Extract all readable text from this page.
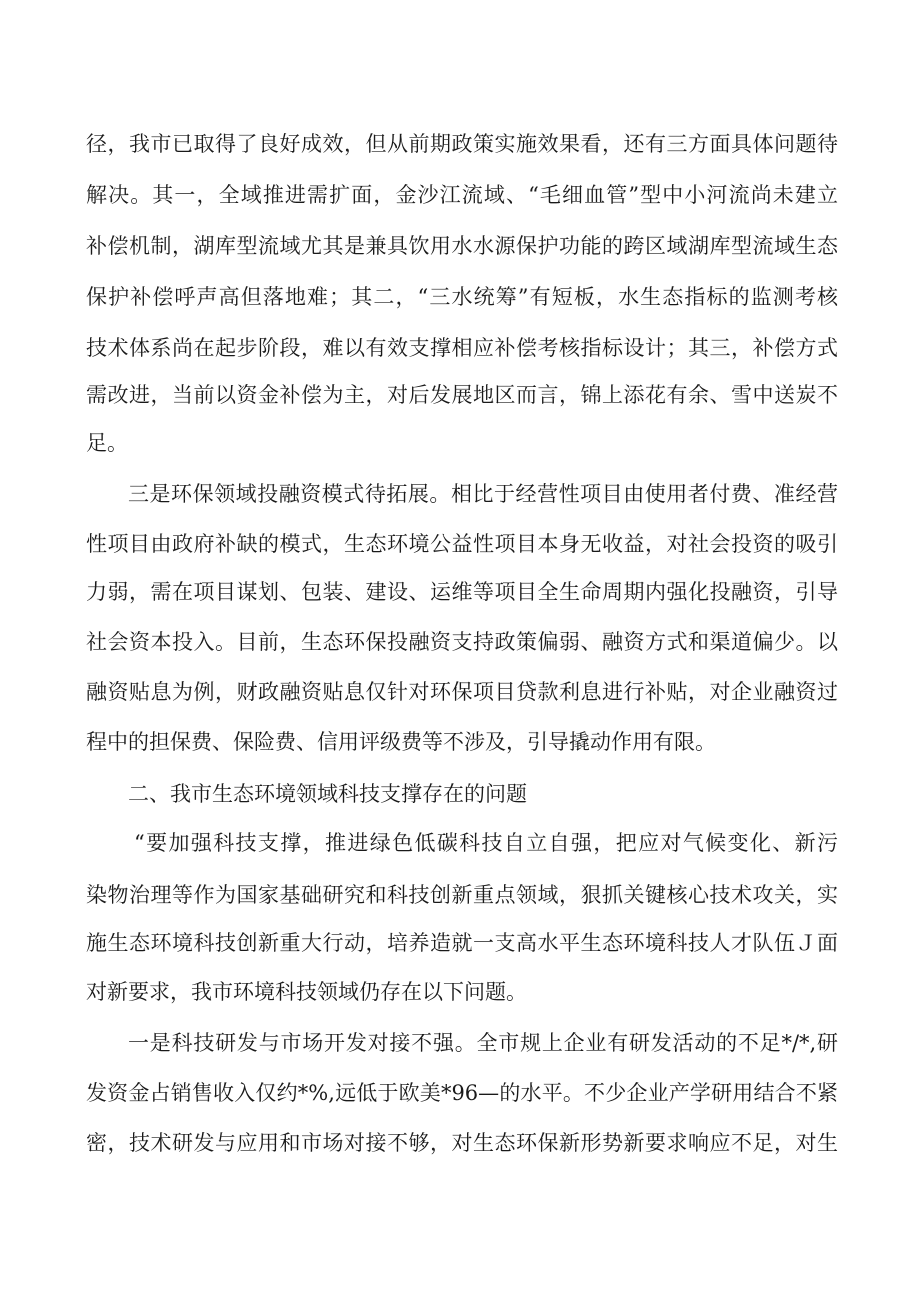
径，我市已取得了良好成效，但从前期政策实施效果看，还有三方面具体问题待
解决。其一，全域推进需扩面，金沙江流域、“毛细血管”型中小河流尚未建立
补偿机制，湖库型流域尤其是兼具饮用水水源保护功能的跨区域湖库型流域生态
保护补偿呼声高但落地难；其二，“三水统筹”有短板，水生态指标的监测考核
技术体系尚在起步阶段，难以有效支撑相应补偿考核指标设计；其三，补偿方式
需改进，当前以资金补偿为主，对后发展地区而言，锦上添花有余、雪中送炭不
足。
三是环保领域投融资模式待拓展。相比于经营性项目由使用者付费、准经营
性项目由政府补缺的模式，生态环境公益性项目本身无收益，对社会投资的吸引
力弱，需在项目谋划、包装、建设、运维等项目全生命周期内强化投融资，引导
社会资本投入。目前，生态环保投融资支持政策偏弱、融资方式和渠道偏少。以
融资贴息为例，财政融资贴息仅针对环保项目贷款利息进行补贴，对企业融资过
程中的担保费、保险费、信用评级费等不涉及，引导撬动作用有限。
二、我市生态环境领域科技支撑存在的问题
“要加强科技支撑，推进绿色低碳科技自立自强，把应对气候变化、新污
染物治理等作为国家基础研究和科技创新重点领域，狠抓关键核心技术攻关，实
施生态环境科技创新重大行动，培养造就一支高水平生态环境科技人才队伍Ｊ面
对新要求，我市环境科技领域仍存在以下问题。
一是科技研发与市场开发对接不强。全市规上企业有研发活动的不足*/*,研
发资金占销售收入仅约*%,远低于欧美*96—的水平。不少企业产学研用结合不紧
密，技术研发与应用和市场对接不够，对生态环保新形势新要求响应不足，对生
